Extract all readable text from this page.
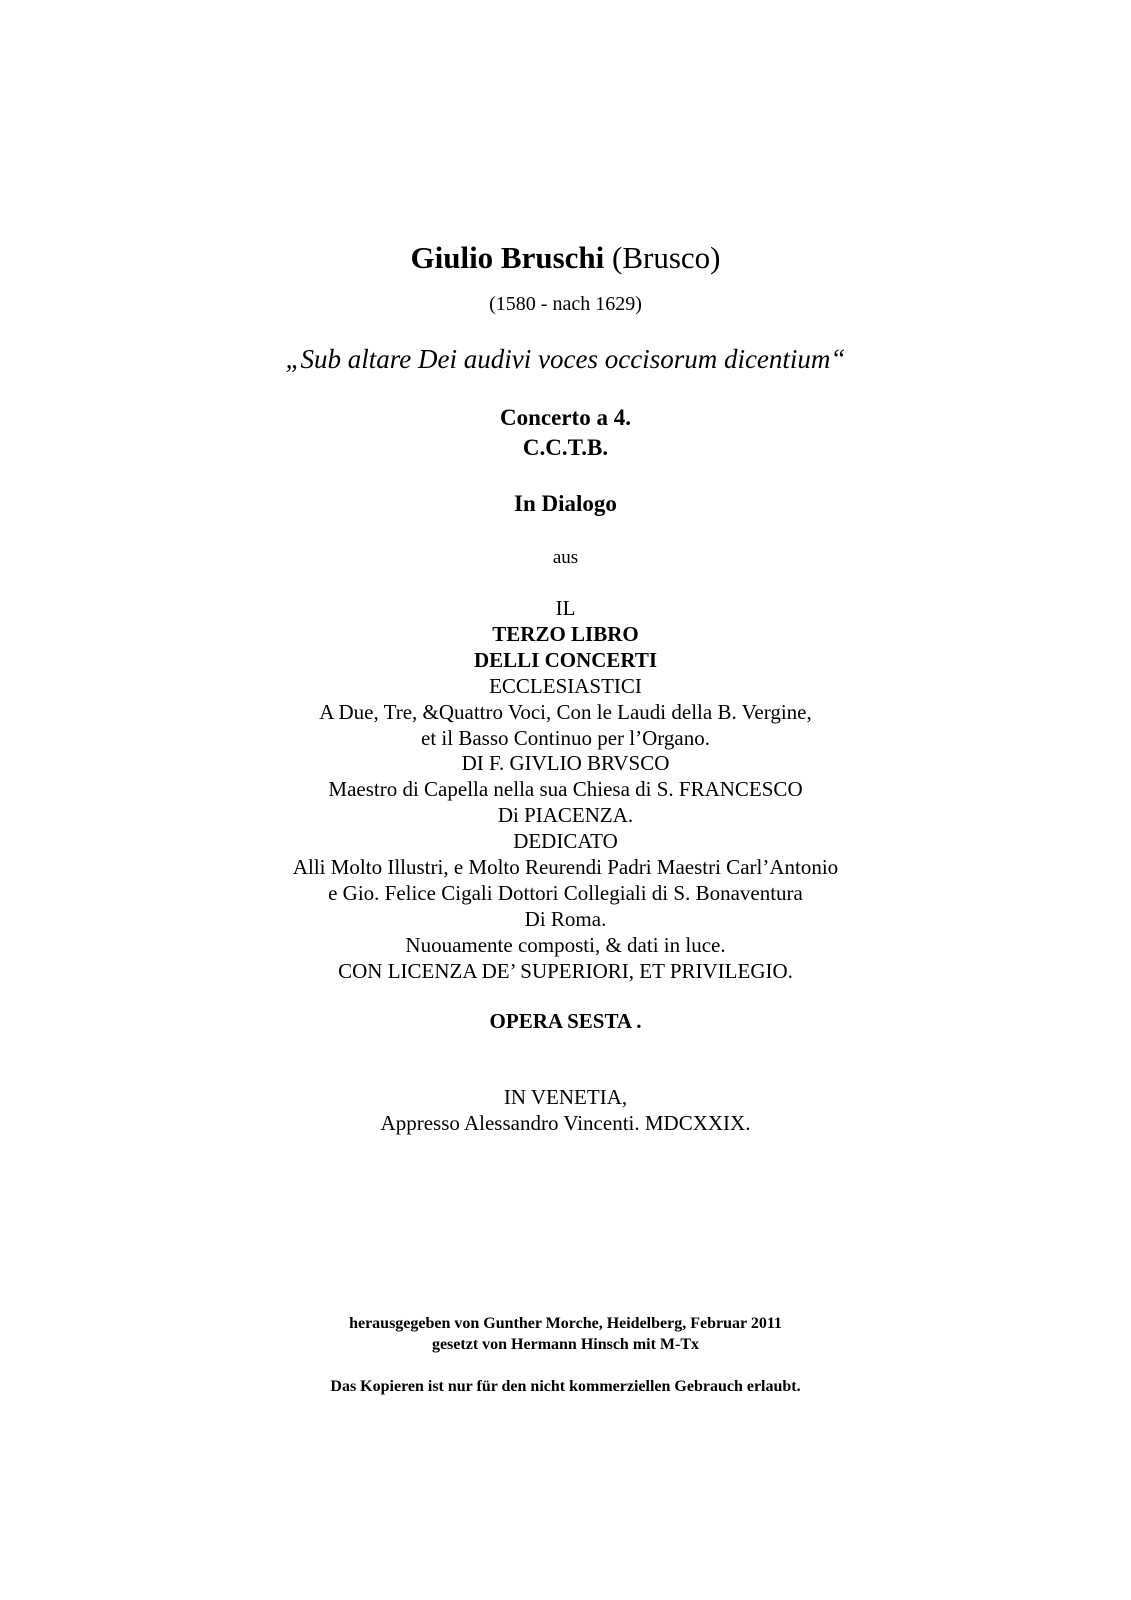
Giulio Bruschi (Brusco)

(1580 - nach 1629)

„Sub altare Dei audivi voces occisorum dicentium“

Concerto a 4.

C.C.T.B.

In Dialogo

aus

IL
TERZO LIBRO
DELLI CONCERTI
ECCLESIASTICI
A Due, Tre, &Quattro Voci, Con le Laudi della B. Vergine,
et il Basso Continuo per l’Organo.
DI F. GIVLIO BRVSCO
Maestro di Capella nella sua Chiesa di S. FRANCESCO
Di PIACENZA.
DEDICATO
Alli Molto Illustri, e Molto Reurendi Padri Maestri Carl’Antonio
e Gio. Felice Cigali Dottori Collegiali di S. Bonaventura
Di Roma.
Nuouamente composti, & dati in luce.
CON LICENZA DE’ SUPERIORI, ET PRIVILEGIO.

OPERA SESTA .

IN VENETIA,

Appresso Alessandro Vincenti. MDCXXIX.

herausgegeben von Gunther Morche, Heidelberg, Februar 2011

gesetzt von Hermann Hinsch mit M-Tx

Das Kopieren ist nur für den nicht kommerziellen Gebrauch erlaubt.
